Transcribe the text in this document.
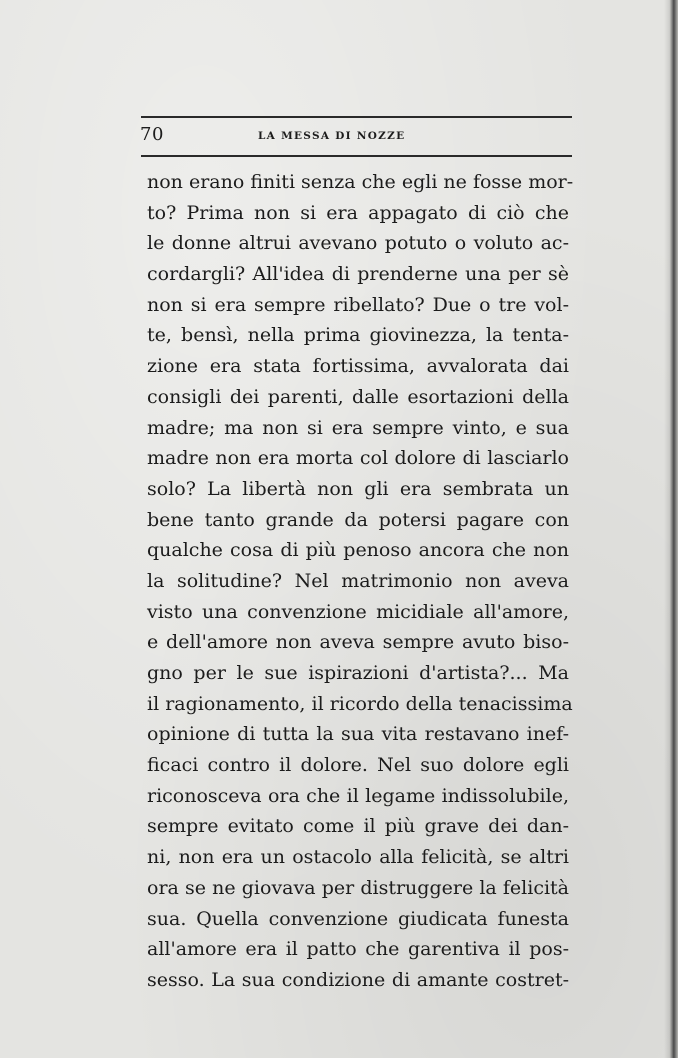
70	LA MESSA DI NOZZE
non erano finiti senza che egli ne fosse mor-
to? Prima non si era appagato di ciò che
le donne altrui avevano potuto o voluto ac-
cordargli? All'idea di prenderne una per sè
non si era sempre ribellato? Due o tre vol-
te, bensì, nella prima giovinezza, la tenta-
zione era stata fortissima, avvalorata dai
consigli dei parenti, dalle esortazioni della
madre; ma non si era sempre vinto, e sua
madre non era morta col dolore di lasciarlo
solo? La libertà non gli era sembrata un
bene tanto grande da potersi pagare con
qualche cosa di più penoso ancora che non
la solitudine? Nel matrimonio non aveva
visto una convenzione micidiale all'amore,
e dell'amore non aveva sempre avuto biso-
gno per le sue ispirazioni d'artista?... Ma
il ragionamento, il ricordo della tenacissima
opinione di tutta la sua vita restavano inef-
ficaci contro il dolore. Nel suo dolore egli
riconosceva ora che il legame indissolubile,
sempre evitato come il più grave dei dan-
ni, non era un ostacolo alla felicità, se altri
ora se ne giovava per distruggere la felicità
sua. Quella convenzione giudicata funesta
all'amore era il patto che garentiva il pos-
sesso. La sua condizione di amante costret-
